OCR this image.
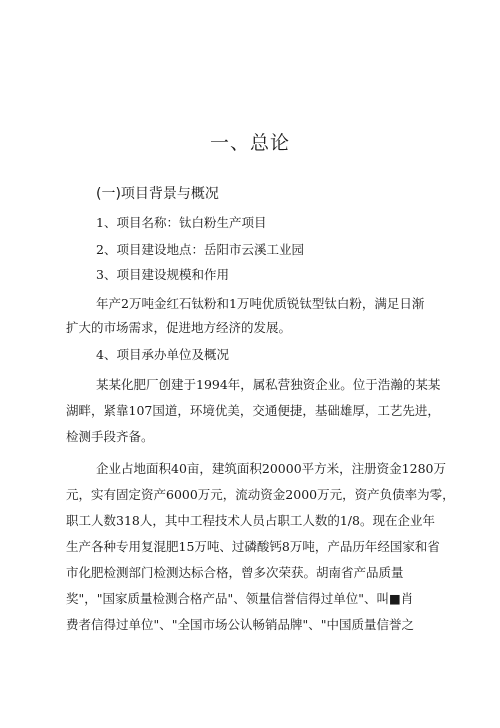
一、总论
(一)项目背景与概况
1、项目名称：钛白粉生产项目
2、项目建设地点：岳阳市云溪工业园
3、项目建设规模和作用
年产2万吨金红石钛粉和1万吨优质锐钛型钛白粉，满足日渐
扩大的市场需求，促进地方经济的发展。
4、项目承办单位及概况
某某化肥厂创建于1994年，属私营独资企业。位于浩瀚的某某
湖畔，紧靠107国道，环境优美，交通便捷，基础雄厚，工艺先进，
检测手段齐备。
企业占地面积40亩，建筑面积20000平方米，注册资金1280万
元，实有固定资产6000万元，流动资金2000万元，资产负债率为零，
职工人数318人，其中工程技术人员占职工人数的1/8。现在企业年
生产各种专用复混肥15万吨、过磷酸钙8万吨，产品历年经国家和省
市化肥检测部门检测达标合格，曾多次荣获。胡南省产品质量
奖"，"国家质量检测合格产品"、领量信誉信得过单位"、叫■肖
费者信得过单位"、"全国市场公认畅销品牌"、"中国质量信誉之
